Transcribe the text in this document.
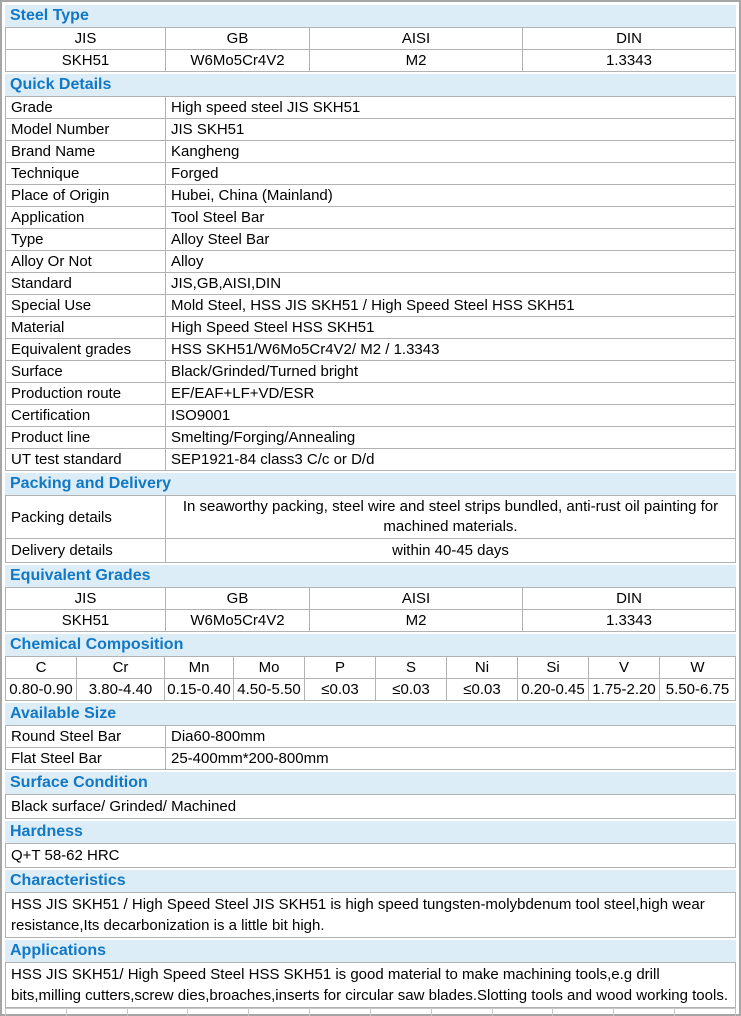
Steel Type
JIS	GB	AISI	DIN
SKH51	W6Mo5Cr4V2	M2	1.3343
Quick Details
Grade	High speed steel JIS SKH51
Model Number	JIS SKH51
Brand Name	Kangheng
Technique	Forged
Place of Origin	Hubei, China (Mainland)
Application	Tool Steel Bar
Type	Alloy Steel Bar
Alloy Or Not	Alloy
Standard	JIS,GB,AISI,DIN
Special Use	Mold Steel, HSS JIS SKH51 / High Speed Steel HSS SKH51
Material	High Speed Steel HSS SKH51
Equivalent grades	HSS SKH51/W6Mo5Cr4V2/ M2 / 1.3343
Surface	Black/Grinded/Turned bright
Production route	EF/EAF+LF+VD/ESR
Certification	ISO9001
Product line	Smelting/Forging/Annealing
UT test standard	SEP1921-84 class3 C/c or D/d
Packing and Delivery
Packing details	In seaworthy packing, steel wire and steel strips bundled, anti-rust oil painting for machined materials.
Delivery details	within 40-45 days
Equivalent Grades
JIS	GB	AISI	DIN
SKH51	W6Mo5Cr4V2	M2	1.3343
Chemical Composition
C	Cr	Mn	Mo	P	S	Ni	Si	V	W
0.80-0.90	3.80-4.40	0.15-0.40	4.50-5.50	≤0.03	≤0.03	≤0.03	0.20-0.45	1.75-2.20	5.50-6.75
Available Size
Round Steel Bar	Dia60-800mm
Flat Steel Bar	25-400mm*200-800mm
Surface Condition
Black surface/ Grinded/ Machined
Hardness
Q+T 58-62 HRC
Characteristics
HSS JIS SKH51 / High Speed Steel JIS SKH51 is high speed tungsten-molybdenum tool steel,high wear resistance,Its decarbonization is a little bit high.
Applications
HSS JIS SKH51/ High Speed Steel HSS SKH51 is good material to make machining tools,e.g drill bits,milling cutters,screw dies,broaches,inserts for circular saw blades.Slotting tools and wood working tools.
